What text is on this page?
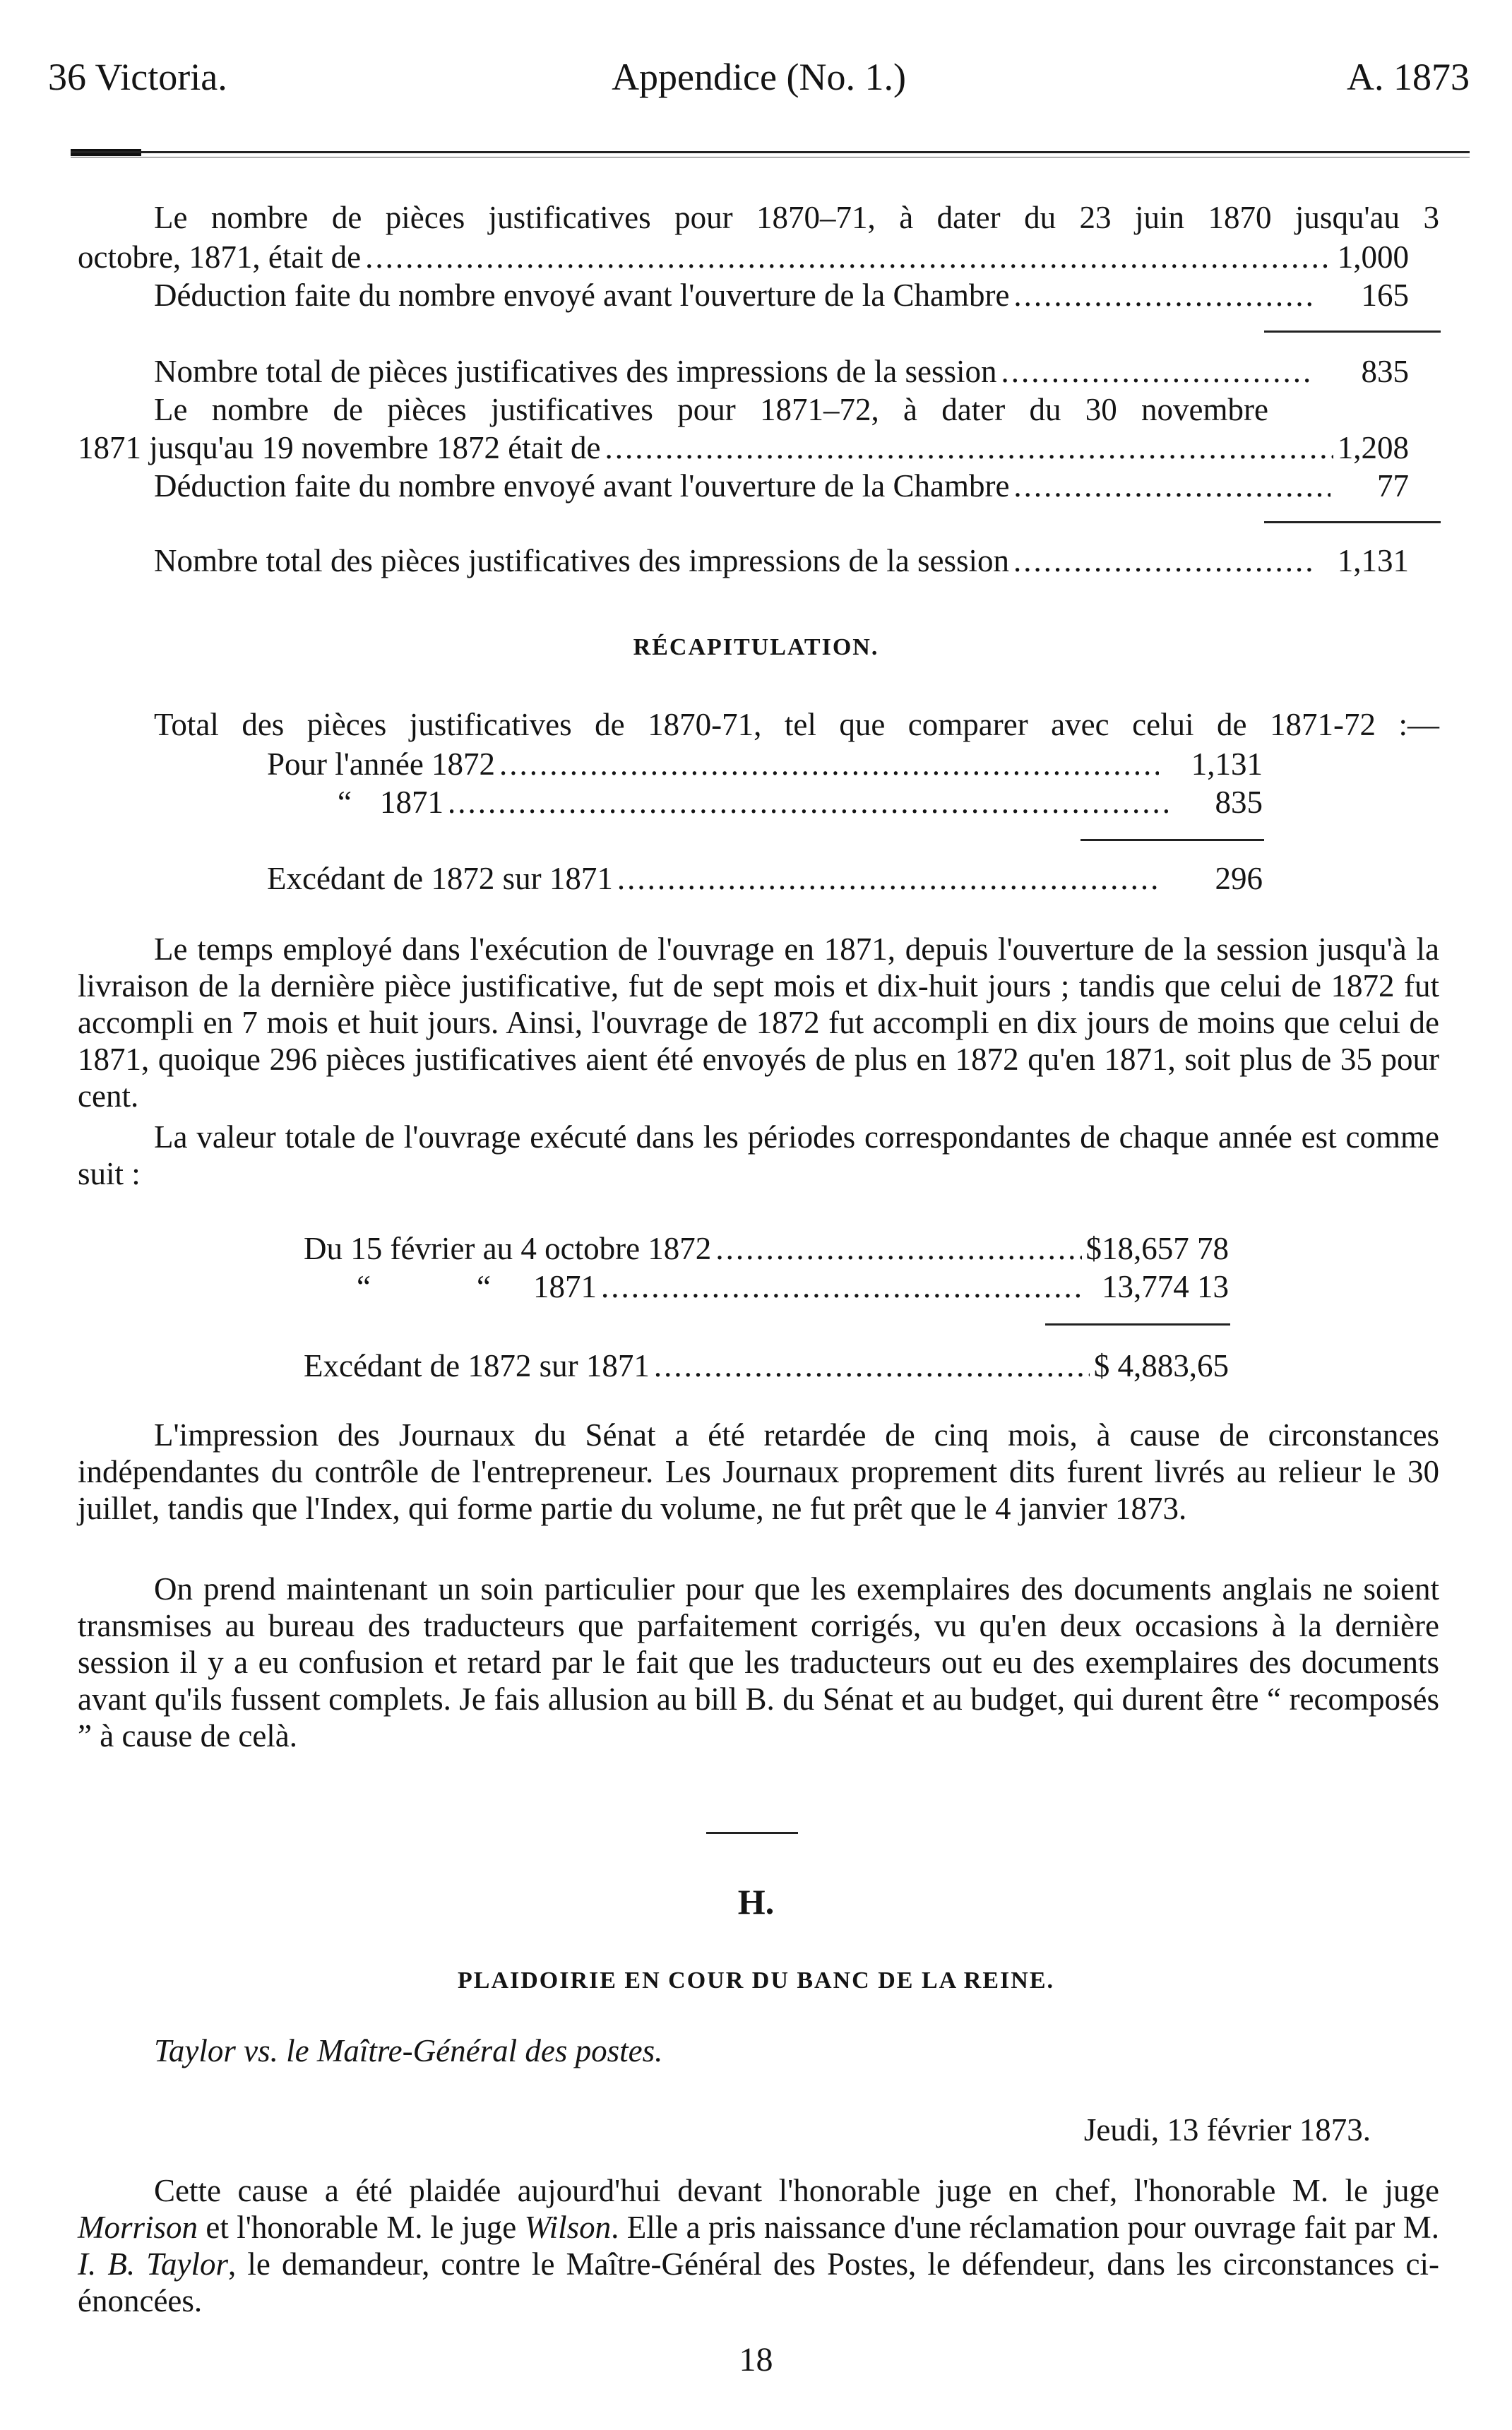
36 Victoria.	Appendice (No. 1.)	A. 1873
Le nombre de pièces justificatives pour 1870–71, à dater du 23 juin 1870 jusqu'au 3
octobre, 1871, était de .....	1,000
Déduction faite du nombre envoyé avant l'ouverture de la Chambre .....	165
Nombre total de pièces justificatives des impressions de la session .....	835
Le nombre de pièces justificatives pour 1871–72, à dater du 30 novembre
1871 jusqu'au 19 novembre 1872 était de .....	1,208
Déduction faite du nombre envoyé avant l'ouverture de la Chambre .....	77
Nombre total des pièces justificatives des impressions de la session .....	1,131
RÉCAPITULATION.
Total des pièces justificatives de 1870-71, tel que comparer avec celui de 1871-72 :—
Pour l'année 1872 .....	1,131
“ 1871 .....	835
Excédant de 1872 sur 1871 .....	296
Le temps employé dans l'exécution de l'ouvrage en 1871, depuis l'ouverture de la session jusqu'à la livraison de la dernière pièce justificative, fut de sept mois et dix-huit jours ; tandis que celui de 1872 fut accompli en 7 mois et huit jours. Ainsi, l'ouvrage de 1872 fut accompli en dix jours de moins que celui de 1871, quoique 296 pièces justificatives aient été envoyés de plus en 1872 qu'en 1871, soit plus de 35 pour cent.
La valeur totale de l'ouvrage exécuté dans les périodes correspondantes de chaque année est comme suit :
Du 15 février au 4 octobre 1872 .....	$18,657 78
“	“ 1871 .....	13,774 13
Excédant de 1872 sur 1871 .....	$ 4,883,65
L'impression des Journaux du Sénat a été retardée de cinq mois, à cause de circonstances indépendantes du contrôle de l'entrepreneur. Les Journaux proprement dits furent livrés au relieur le 30 juillet, tandis que l'Index, qui forme partie du volume, ne fut prêt que le 4 janvier 1873.
On prend maintenant un soin particulier pour que les exemplaires des documents anglais ne soient transmises au bureau des traducteurs que parfaitement corrigés, vu qu'en deux occasions à la dernière session il y a eu confusion et retard par le fait que les traducteurs out eu des exemplaires des documents avant qu'ils fussent complets. Je fais allusion au bill B. du Sénat et au budget, qui durent être “ recomposés ” à cause de celà.
H.
PLAIDOIRIE EN COUR DU BANC DE LA REINE.
Taylor vs. le Maître-Général des postes.
Jeudi, 13 février 1873.
Cette cause a été plaidée aujourd'hui devant l'honorable juge en chef, l'honorable M. le juge Morrison et l'honorable M. le juge Wilson. Elle a pris naissance d'une réclamation pour ouvrage fait par M. I. B. Taylor, le demandeur, contre le Maître-Général des Postes, le défendeur, dans les circonstances ci-énoncées.
18
